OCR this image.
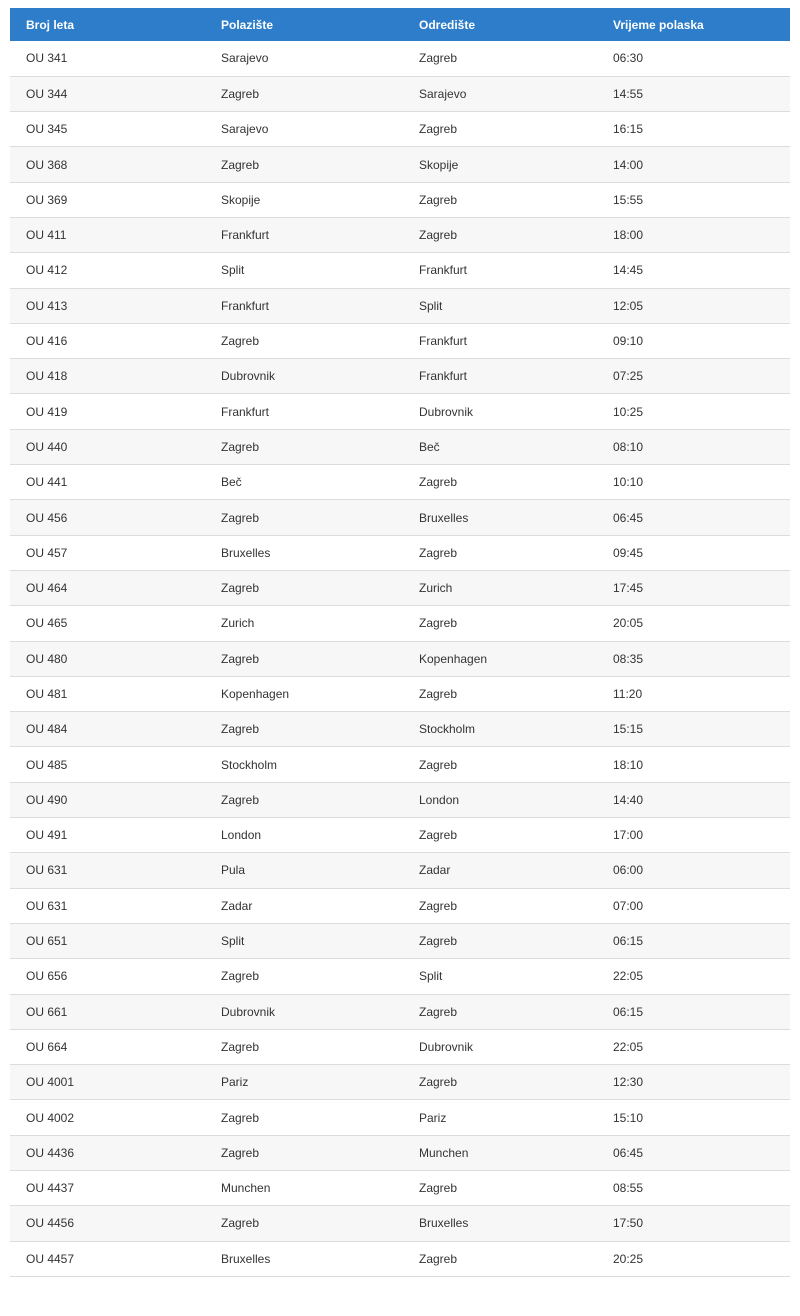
Broj leta	Polazište	Odredište	Vrijeme polaska
OU 341	Sarajevo	Zagreb	06:30
OU 344	Zagreb	Sarajevo	14:55
OU 345	Sarajevo	Zagreb	16:15
OU 368	Zagreb	Skopije	14:00
OU 369	Skopije	Zagreb	15:55
OU 411	Frankfurt	Zagreb	18:00
OU 412	Split	Frankfurt	14:45
OU 413	Frankfurt	Split	12:05
OU 416	Zagreb	Frankfurt	09:10
OU 418	Dubrovnik	Frankfurt	07:25
OU 419	Frankfurt	Dubrovnik	10:25
OU 440	Zagreb	Beč	08:10
OU 441	Beč	Zagreb	10:10
OU 456	Zagreb	Bruxelles	06:45
OU 457	Bruxelles	Zagreb	09:45
OU 464	Zagreb	Zurich	17:45
OU 465	Zurich	Zagreb	20:05
OU 480	Zagreb	Kopenhagen	08:35
OU 481	Kopenhagen	Zagreb	11:20
OU 484	Zagreb	Stockholm	15:15
OU 485	Stockholm	Zagreb	18:10
OU 490	Zagreb	London	14:40
OU 491	London	Zagreb	17:00
OU 631	Pula	Zadar	06:00
OU 631	Zadar	Zagreb	07:00
OU 651	Split	Zagreb	06:15
OU 656	Zagreb	Split	22:05
OU 661	Dubrovnik	Zagreb	06:15
OU 664	Zagreb	Dubrovnik	22:05
OU 4001	Pariz	Zagreb	12:30
OU 4002	Zagreb	Pariz	15:10
OU 4436	Zagreb	Munchen	06:45
OU 4437	Munchen	Zagreb	08:55
OU 4456	Zagreb	Bruxelles	17:50
OU 4457	Bruxelles	Zagreb	20:25
